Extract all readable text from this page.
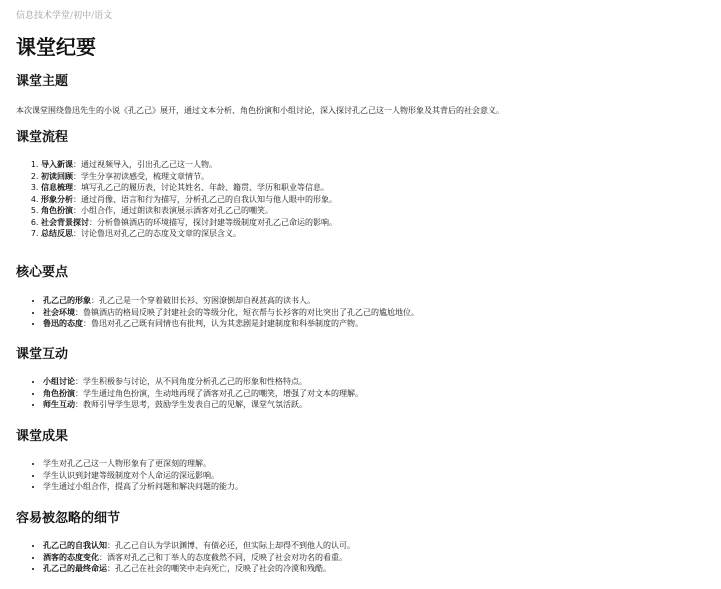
信息技术学堂/初中/语文
课堂纪要
课堂主题

本次课堂围绕鲁迅先生的小说《孔乙己》展开，通过文本分析、角色扮演和小组讨论，深入探讨孔乙己这一人物形象及其背后的社会意义。

课堂流程
1. 导入新课：通过视频导入，引出孔乙己这一人物。
2. 初读回顾：学生分享初读感受，梳理文章情节。
3. 信息梳理：填写孔乙己的履历表，讨论其姓名、年龄、籍贯、学历和职业等信息。
4. 形象分析：通过肖像、语言和行为描写，分析孔乙己的自我认知与他人眼中的形象。
5. 角色扮演：小组合作，通过朗读和表演展示酒客对孔乙己的嘲笑。
6. 社会背景探讨：分析鲁镇酒店的环境描写，探讨封建等级制度对孔乙己命运的影响。
7. 总结反思：讨论鲁迅对孔乙己的态度及文章的深层含义。
核心要点
• 孔乙己的形象：孔乙己是一个穿着破旧长衫、穷困潦倒却自视甚高的读书人。
• 社会环境：鲁镇酒店的格局反映了封建社会的等级分化，短衣帮与长衫客的对比突出了孔乙己的尴尬地位。
• 鲁迅的态度：鲁迅对孔乙己既有同情也有批判，认为其悲剧是封建制度和科举制度的产物。
课堂互动
• 小组讨论：学生积极参与讨论，从不同角度分析孔乙己的形象和性格特点。
• 角色扮演：学生通过角色扮演，生动地再现了酒客对孔乙己的嘲笑，增强了对文本的理解。
• 师生互动：教师引导学生思考，鼓励学生发表自己的见解，课堂气氛活跃。
课堂成果
• 学生对孔乙己这一人物形象有了更深刻的理解。
• 学生认识到封建等级制度对个人命运的深远影响。
• 学生通过小组合作，提高了分析问题和解决问题的能力。
容易被忽略的细节
• 孔乙己的自我认知：孔乙己自认为学识渊博、有债必还，但实际上却得不到他人的认可。
• 酒客的态度变化：酒客对孔乙己和丁举人的态度截然不同，反映了社会对功名的看重。
• 孔乙己的最终命运：孔乙己在社会的嘲笑中走向死亡，反映了社会的冷漠和残酷。
